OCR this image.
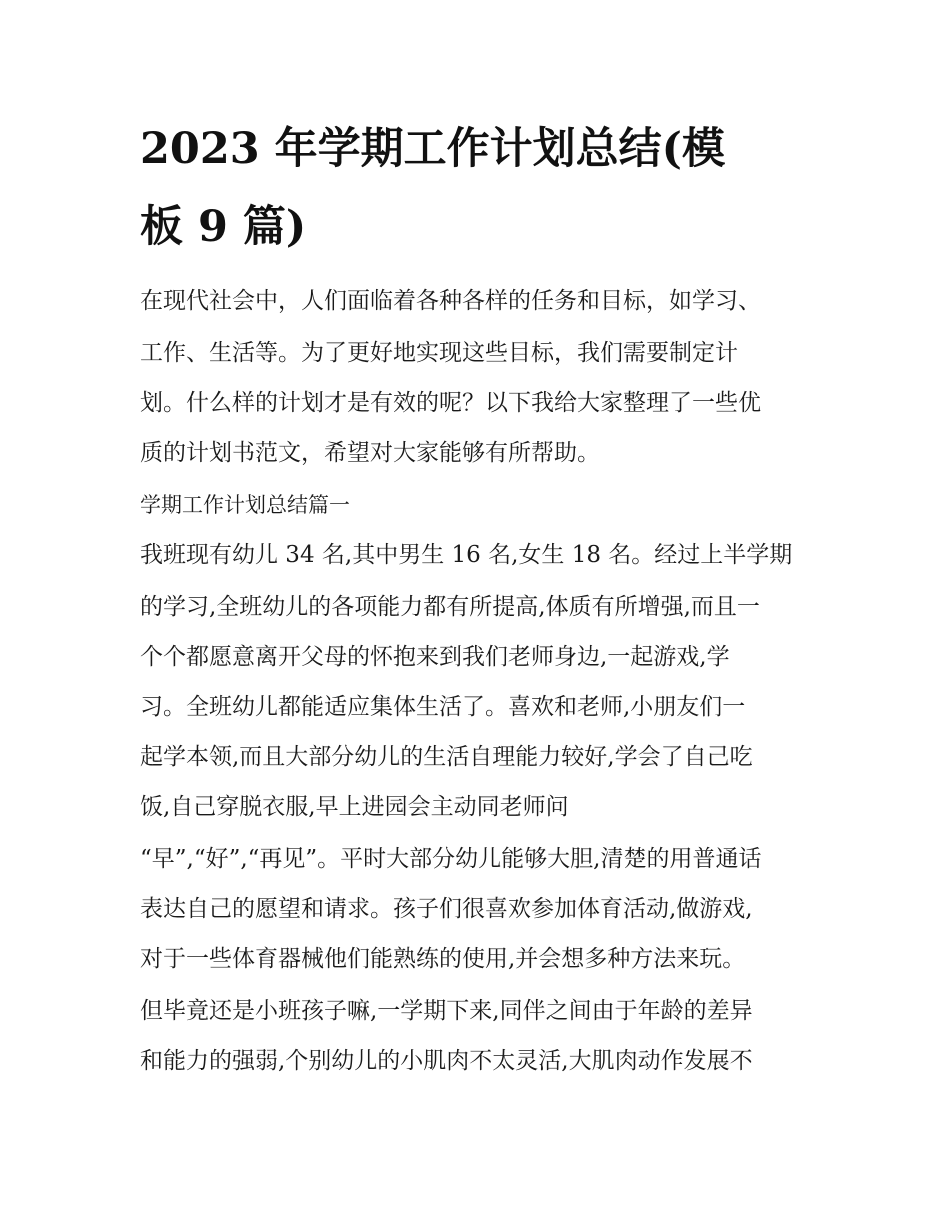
2023 年学期工作计划总结(模
板 9 篇)
在现代社会中，人们面临着各种各样的任务和目标，如学习、
工作、生活等。为了更好地实现这些目标，我们需要制定计
划。什么样的计划才是有效的呢？以下我给大家整理了一些优
质的计划书范文，希望对大家能够有所帮助。
学期工作计划总结篇一
我班现有幼儿 34 名,其中男生 16 名,女生 18 名。经过上半学期
的学习,全班幼儿的各项能力都有所提高,体质有所增强,而且一
个个都愿意离开父母的怀抱来到我们老师身边,一起游戏,学
习。全班幼儿都能适应集体生活了。喜欢和老师,小朋友们一
起学本领,而且大部分幼儿的生活自理能力较好,学会了自己吃
饭,自己穿脱衣服,早上进园会主动同老师问
“早”,“好”,“再见”。平时大部分幼儿能够大胆,清楚的用普通话
表达自己的愿望和请求。孩子们很喜欢参加体育活动,做游戏,
对于一些体育器械他们能熟练的使用,并会想多种方法来玩。
但毕竟还是小班孩子嘛,一学期下来,同伴之间由于年龄的差异
和能力的强弱,个别幼儿的小肌肉不太灵活,大肌肉动作发展不
